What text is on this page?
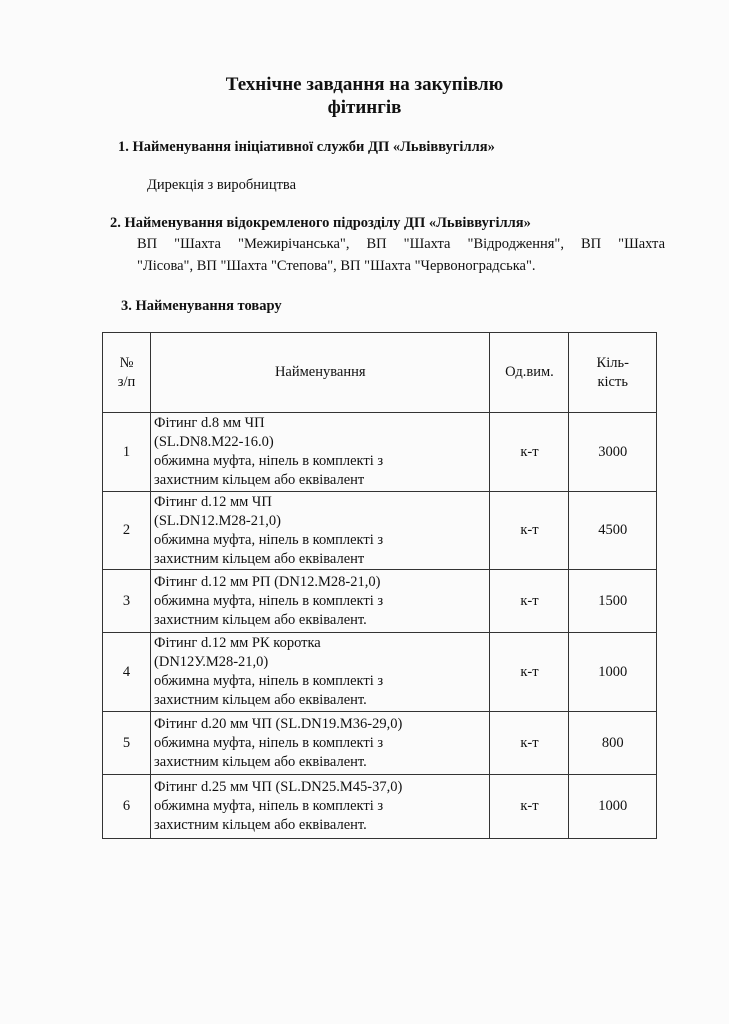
Технічне завдання на закупівлю
фітингів
1. Найменування ініціативної служби ДП «Львіввугілля»
Дирекція з виробництва
2. Найменування відокремленого підрозділу ДП «Львіввугілля»
ВП "Шахта "Межирічанська", ВП "Шахта "Відродження", ВП "Шахта
"Лісова", ВП "Шахта "Степова", ВП "Шахта "Червоноградська".
3. Найменування товару
№
з/п	Найменування	Од.вим.	Кіль-
кість

1	Фітинг d.8 мм ЧП
(SL.DN8.M22-16.0)
обжимна муфта, ніпель в комплекті з
захистним кільцем або еквівалент	к-т	3000
2	Фітинг d.12 мм ЧП
(SL.DN12.M28-21,0)
обжимна муфта, ніпель в комплекті з
захистним кільцем або еквівалент	к-т	4500
3	Фітинг d.12 мм РП (DN12.M28-21,0)
обжимна муфта, ніпель в комплекті з
захистним кільцем або еквівалент.	к-т	1500
4	Фітинг d.12 мм РК коротка
(DN12У.M28-21,0)
обжимна муфта, ніпель в комплекті з
захистним кільцем або еквівалент.	к-т	1000
5	Фітинг d.20 мм ЧП (SL.DN19.M36-29,0)
обжимна муфта, ніпель в комплекті з
захистним кільцем або еквівалент.	к-т	800
6	Фітинг d.25 мм ЧП (SL.DN25.M45-37,0)
обжимна муфта, ніпель в комплекті з
захистним кільцем або еквівалент.	к-т	1000
